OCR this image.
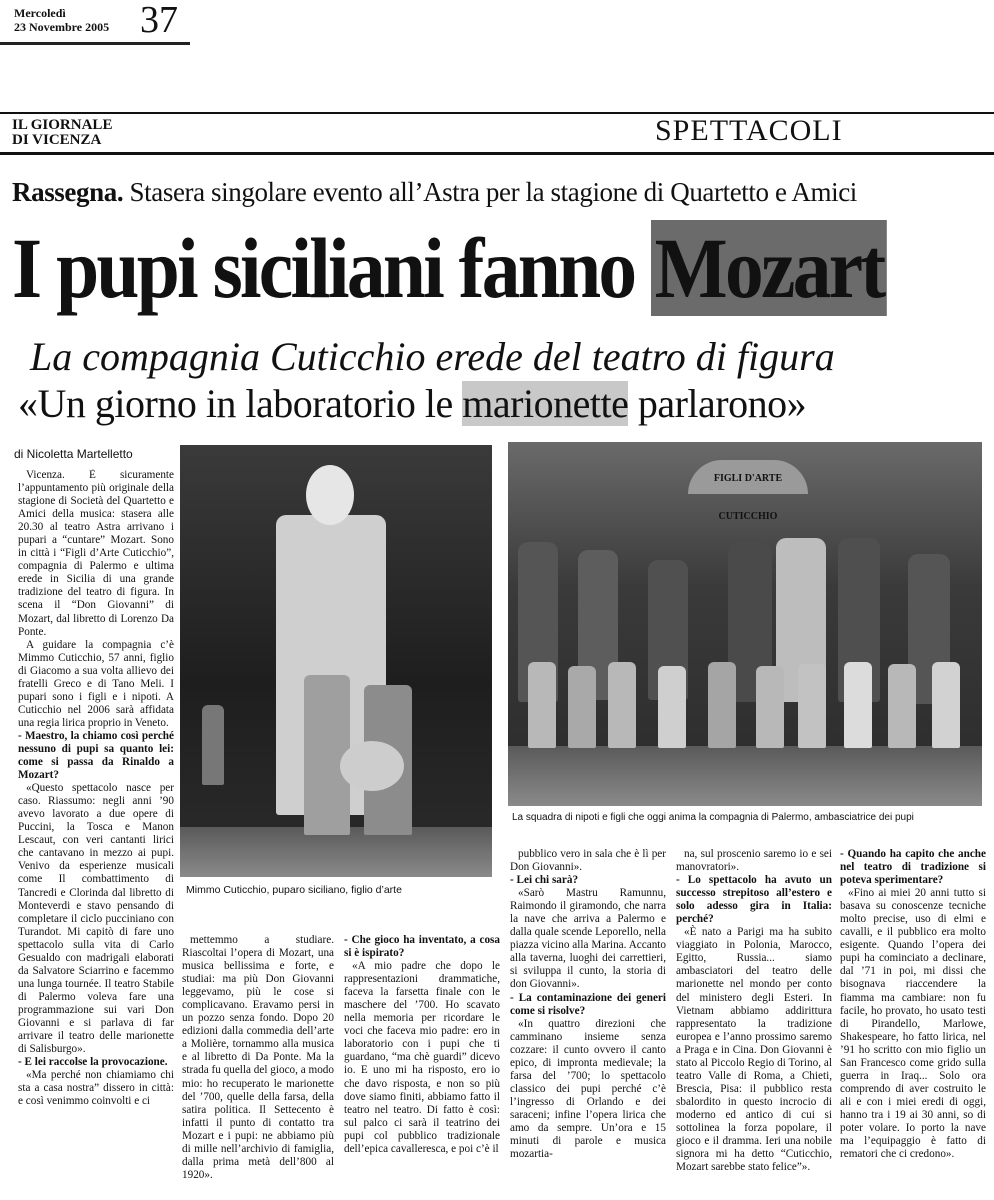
Mercoledì
23 Novembre 2005 37
IL GIORNALE
DI VICENZA	SPETTACOLI
Rassegna. Stasera singolare evento all’Astra per la stagione di Quartetto e Amici
I pupi siciliani fanno Mozart
La compagnia Cuticchio erede del teatro di figura
«Un giorno in laboratorio le marionette parlarono»
di Nicoletta Martelletto
Mimmo Cuticchio, puparo siciliano, figlio d’arte
FIGLI D'ARTE CUTICCHIO
La squadra di nipoti e figli che oggi anima la compagnia di Palermo, ambasciatrice dei pupi

Vicenza. È sicuramente l’appuntamento più originale della stagione di Società del Quartetto e Amici della musica: stasera alle 20.30 al teatro Astra arrivano i pupari a “cuntare” Mozart. Sono in città i “Figli d’Arte Cuticchio”, compagnia di Palermo e ultima erede in Sicilia di una grande tradizione del teatro di figura. In scena il “Don Giovanni” di Mozart, dal libretto di Lorenzo Da Ponte.

A guidare la compagnia c’è Mimmo Cuticchio, 57 anni, figlio di Giacomo a sua volta allievo dei fratelli Greco e di Tano Meli. I pupari sono i figli e i nipoti. A Cuticchio nel 2006 sarà affidata una regia lirica proprio in Veneto.

- Maestro, la chiamo così perché nessuno di pupi sa quanto lei: come si passa da Rinaldo a Mozart?

«Questo spettacolo nasce per caso. Riassumo: negli anni ’90 avevo lavorato a due opere di Puccini, la Tosca e Manon Lescaut, con veri cantanti lirici che cantavano in mezzo ai pupi. Venivo da esperienze musicali come Il combattimento di Tancredi e Clorinda dal libretto di Monteverdi e stavo pensando di completare il ciclo pucciniano con Turandot. Mi capitò di fare uno spettacolo sulla vita di Carlo Gesualdo con madrigali elaborati da Salvatore Sciarrino e facemmo una lunga tournée. Il teatro Stabile di Palermo voleva fare una programmazione sui vari Don Giovanni e si parlava di far arrivare il teatro delle marionette di Salisburgo».

- E lei raccolse la provocazione.

«Ma perché non chiamiamo chi sta a casa nostra” dissero in città: e così venimmo coinvolti e ci

mettemmo a studiare. Riascoltai l’opera di Mozart, una musica bellissima e forte, e studiai: ma più Don Giovanni leggevamo, più le cose si complicavano. Eravamo persi in un pozzo senza fondo. Dopo 20 edizioni dalla commedia dell’arte a Molière, tornammo alla musica e al libretto di Da Ponte. Ma la strada fu quella del gioco, a modo mio: ho recuperato le marionette del ’700, quelle della farsa, della satira politica. Il Settecento è infatti il punto di contatto tra Mozart e i pupi: ne abbiamo più di mille nell’archivio di famiglia, dalla prima metà dell’800 al 1920».

- Che gioco ha inventato, a cosa si è ispirato?

«A mio padre che dopo le rappresentazioni drammatiche, faceva la farsetta finale con le maschere del ’700. Ho scavato nella memoria per ricordare le voci che faceva mio padre: ero in laboratorio con i pupi che ti guardano, “ma chè guardi” dicevo io. E uno mi ha risposto, ero io che davo risposta, e non so più dove siamo finiti, abbiamo fatto il teatro nel teatro. Di fatto è così: sul palco ci sarà il teatrino dei pupi col pubblico tradizionale dell’epica cavalleresca, e poi c’è il

pubblico vero in sala che è lì per Don Giovanni».

- Lei chi sarà?

«Sarò Mastru Ramunnu, Raimondo il giramondo, che narra la nave che arriva a Palermo e dalla quale scende Leporello, nella piazza vicino alla Marina. Accanto alla taverna, luoghi dei carrettieri, si sviluppa il cunto, la storia di don Giovanni».

- La contaminazione dei generi come si risolve?

«In quattro direzioni che camminano insieme senza cozzare: il cunto ovvero il canto epico, di impronta medievale; la farsa del ’700; lo spettacolo classico dei pupi perché c’è l’ingresso di Orlando e dei saraceni; infine l’opera lirica che amo da sempre. Un’ora e 15 minuti di parole e musica mozartia-

na, sul proscenio saremo io e sei manovratori».

- Lo spettacolo ha avuto un successo strepitoso all’estero e solo adesso gira in Italia: perché?

«È nato a Parigi ma ha subito viaggiato in Polonia, Marocco, Egitto, Russia... siamo ambasciatori del teatro delle marionette nel mondo per conto del ministero degli Esteri. In Vietnam abbiamo addirittura rappresentato la tradizione europea e l’anno prossimo saremo a Praga e in Cina. Don Giovanni è stato al Piccolo Regio di Torino, al teatro Valle di Roma, a Chieti, Brescia, Pisa: il pubblico resta sbalordito in questo incrocio di moderno ed antico di cui si sottolinea la forza popolare, il gioco e il dramma. Ieri una nobile signora mi ha detto “Cuticchio, Mozart sarebbe stato felice”».

- Quando ha capito che anche nel teatro di tradizione si poteva sperimentare?

«Fino ai miei 20 anni tutto si basava su conoscenze tecniche molto precise, uso di elmi e cavalli, e il pubblico era molto esigente. Quando l’opera dei pupi ha cominciato a declinare, dal ’71 in poi, mi dissi che bisognava riaccendere la fiamma ma cambiare: non fu facile, ho provato, ho usato testi di Pirandello, Marlowe, Shakespeare, ho fatto lirica, nel ’91 ho scritto con mio figlio un San Francesco come grido sulla guerra in Iraq... Solo ora comprendo di aver costruito le ali e con i miei eredi di oggi, hanno tra i 19 ai 30 anni, so di poter volare. Io porto la nave ma l’equipaggio è fatto di rematori che ci credono».
